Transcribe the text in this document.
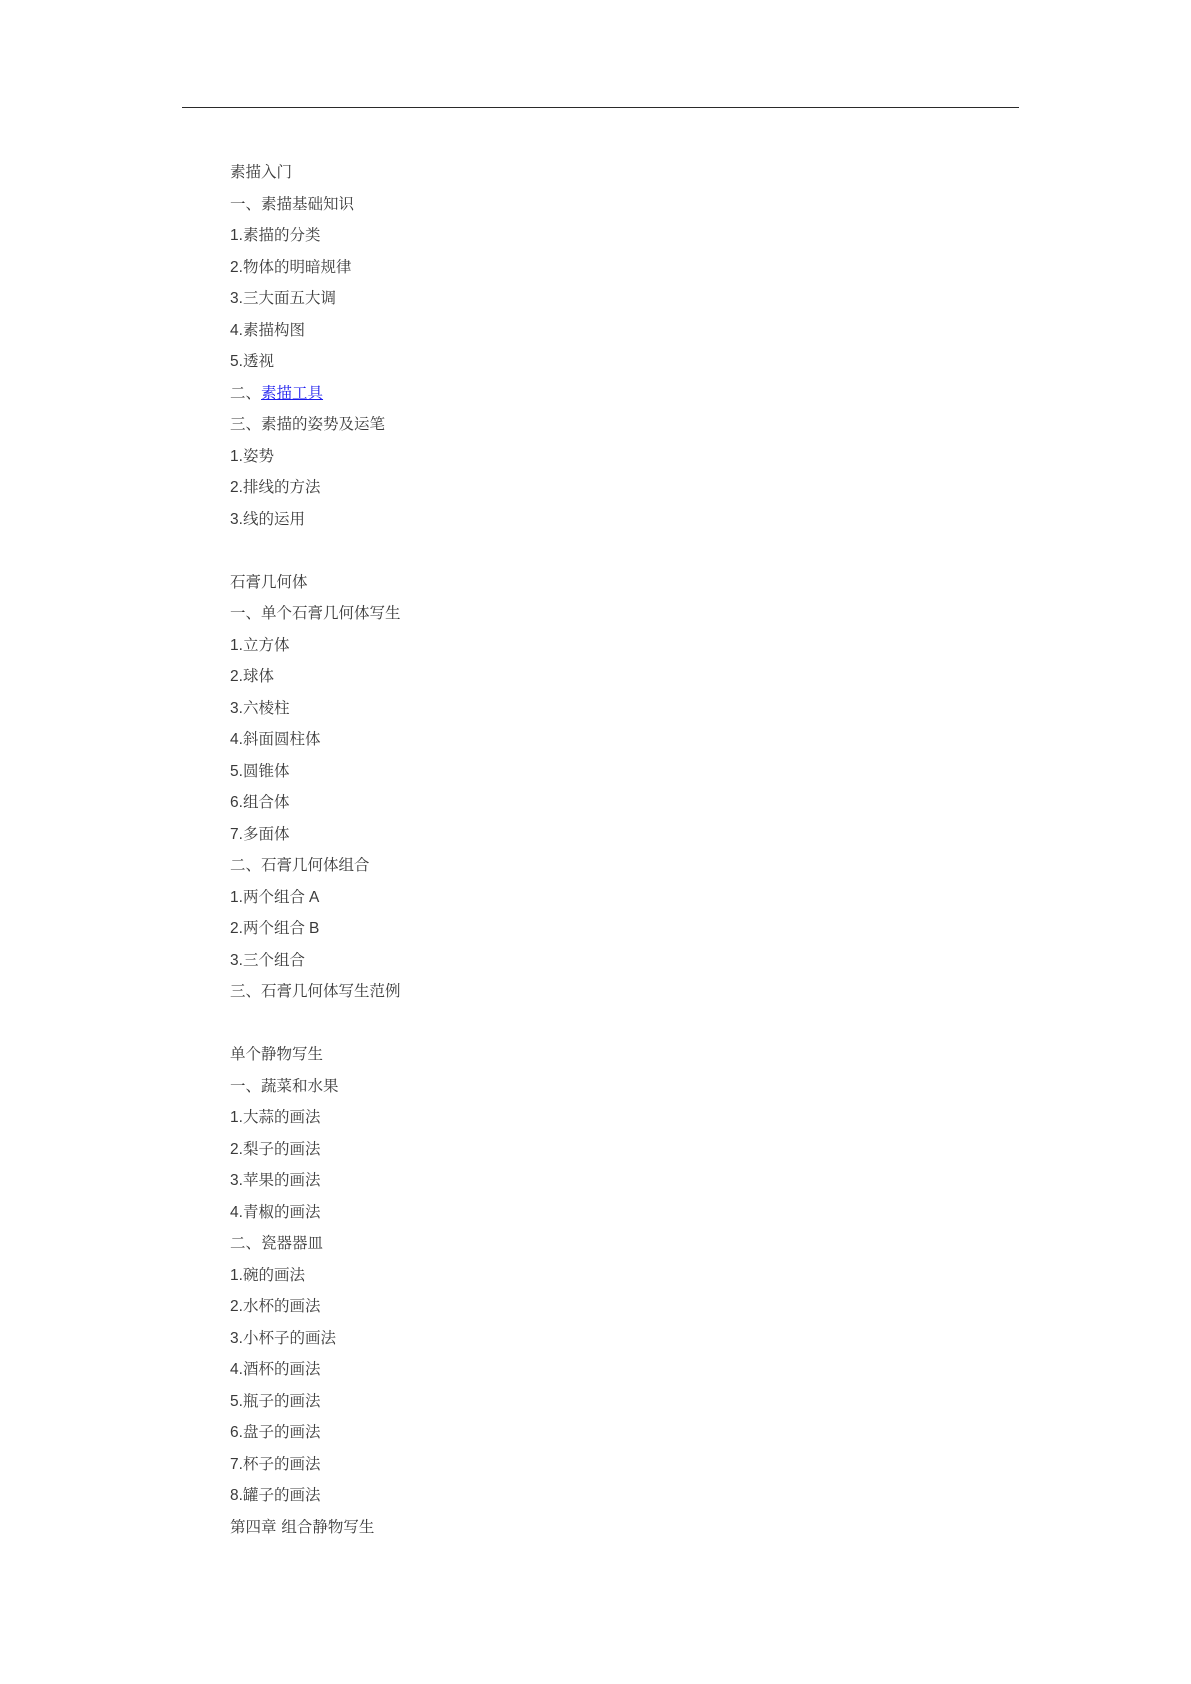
素描入门
一、素描基础知识
1.素描的分类
2.物体的明暗规律
3.三大面五大调
4.素描构图
5.透视
二、素描工具
三、素描的姿势及运笔
1.姿势
2.排线的方法
3.线的运用
石膏几何体
一、单个石膏几何体写生
1.立方体
2.球体
3.六棱柱
4.斜面圆柱体
5.圆锥体
6.组合体
7.多面体
二、石膏几何体组合
1.两个组合 A
2.两个组合 B
3.三个组合
三、石膏几何体写生范例
单个静物写生
一、蔬菜和水果
1.大蒜的画法
2.梨子的画法
3.苹果的画法
4.青椒的画法
二、瓷器器皿
1.碗的画法
2.水杯的画法
3.小杯子的画法
4.酒杯的画法
5.瓶子的画法
6.盘子的画法
7.杯子的画法
8.罐子的画法
第四章 组合静物写生
